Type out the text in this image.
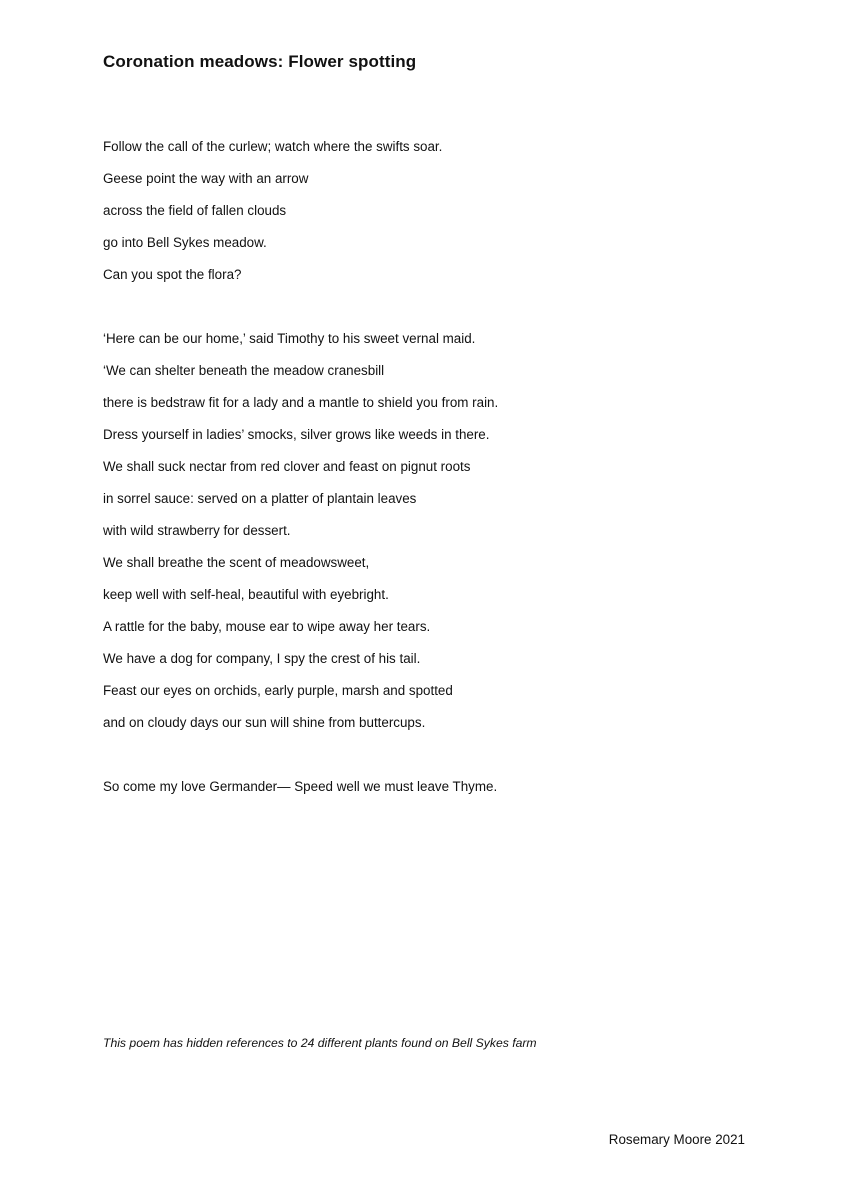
Coronation meadows: Flower spotting

Follow the call of the curlew; watch where the swifts soar.

Geese point the way with an arrow

across the field of fallen clouds

go into Bell Sykes meadow.

Can you spot the flora?

‘Here can be our home,’ said Timothy to his sweet vernal maid.

‘We can shelter beneath the meadow cranesbill

there is bedstraw fit for a lady and a mantle to shield you from rain.

Dress yourself in ladies’ smocks, silver grows like weeds in there.

We shall suck nectar from red clover and feast on pignut roots

in sorrel sauce: served on a platter of plantain leaves

with wild strawberry for dessert.

We shall breathe the scent of meadowsweet,

keep well with self-heal, beautiful with eyebright.

A rattle for the baby, mouse ear to wipe away her tears.

We have a dog for company, I spy the crest of his tail.

Feast our eyes on orchids, early purple, marsh and spotted

and on cloudy days our sun will shine from buttercups.

So come my love Germander— Speed well we must leave Thyme.

This poem has hidden references to 24 different plants found on Bell Sykes farm

Rosemary Moore 2021
